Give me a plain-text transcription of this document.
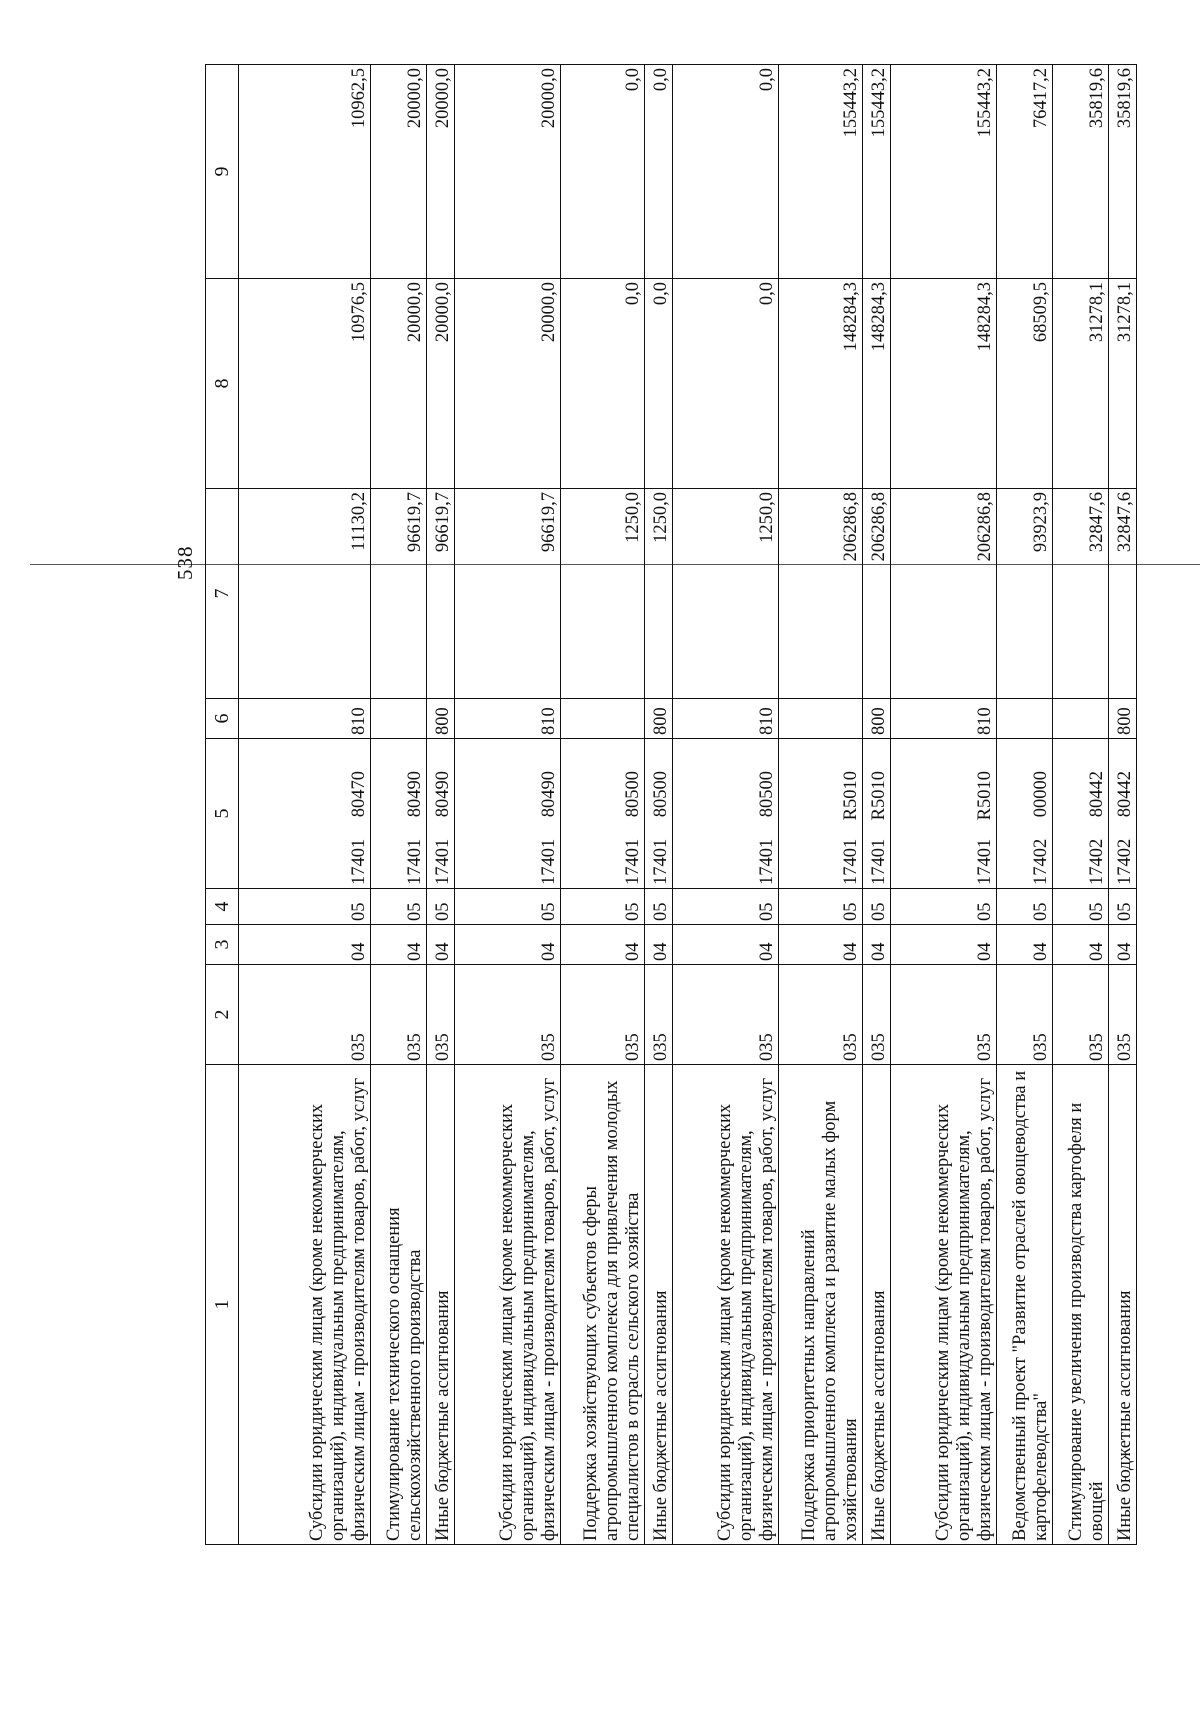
538
1	2	3	4	5	6	7	8	9
Субсидии юридическим лицам (кроме некоммерческих организаций), индивидуальным предпринимателям, физическим лицам - производителям товаров, работ, услуг	035	04	05	1740180470	810	11130,2	10976,5	10962,5
Стимулирование технического оснащения сельскохозяйственного производства	035	04	05	1740180490		96619,7	20000,0	20000,0
Иные бюджетные ассигнования	035	04	05	1740180490	800	96619,7	20000,0	20000,0
Субсидии юридическим лицам (кроме некоммерческих организаций), индивидуальным предпринимателям, физическим лицам - производителям товаров, работ, услуг	035	04	05	1740180490	810	96619,7	20000,0	20000,0
Поддержка хозяйствующих субъектов сферы агропромышленного комплекса для привлечения молодых специалистов в отрасль сельского хозяйства	035	04	05	1740180500		1250,0	0,0	0,0
Иные бюджетные ассигнования	035	04	05	1740180500	800	1250,0	0,0	0,0
Субсидии юридическим лицам (кроме некоммерческих организаций), индивидуальным предпринимателям, физическим лицам - производителям товаров, работ, услуг	035	04	05	1740180500	810	1250,0	0,0	0,0
Поддержка приоритетных направлений агропромышленного комплекса и развитие малых форм хозяйствования	035	04	05	17401R5010		206286,8	148284,3	155443,2
Иные бюджетные ассигнования	035	04	05	17401R5010	800	206286,8	148284,3	155443,2
Субсидии юридическим лицам (кроме некоммерческих организаций), индивидуальным предпринимателям, физическим лицам - производителям товаров, работ, услуг	035	04	05	17401R5010	810	206286,8	148284,3	155443,2
Ведомственный проект "Развитие отраслей овощеводства и картофелеводства"	035	04	05	1740200000		93923,9	68509,5	76417,2
Стимулирование увеличения производства картофеля и овощей	035	04	05	1740280442		32847,6	31278,1	35819,6
Иные бюджетные ассигнования	035	04	05	1740280442	800	32847,6	31278,1	35819,6
